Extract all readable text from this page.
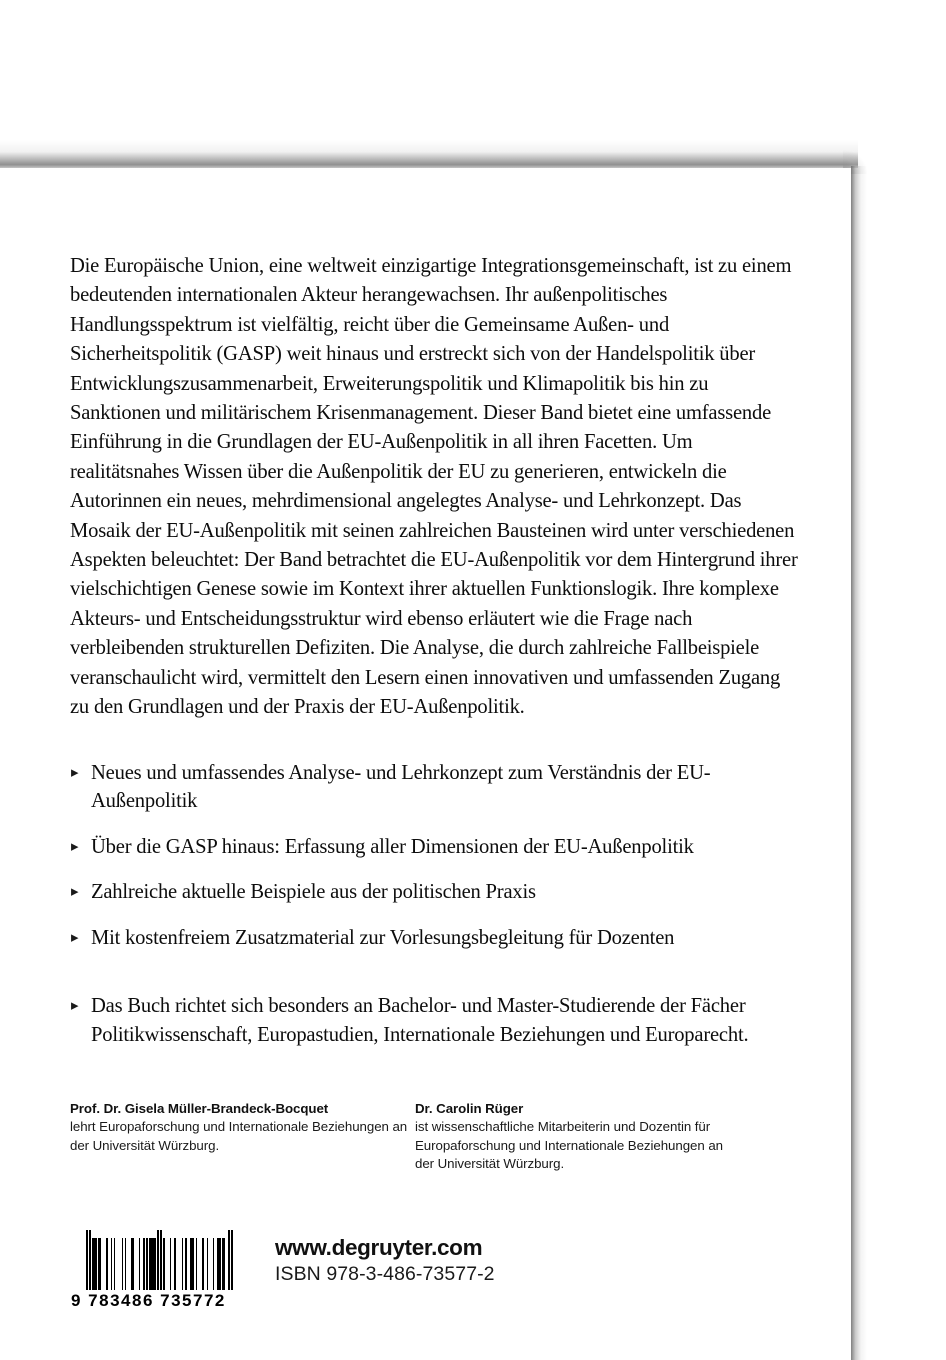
Die Europäische Union, eine weltweit einzigartige Integrationsgemeinschaft, ist zu einem bedeutenden internationalen Akteur herangewachsen. Ihr außenpolitisches Handlungsspektrum ist vielfältig, reicht über die Gemeinsame Außen- und Sicherheitspolitik (GASP) weit hinaus und erstreckt sich von der Handelspolitik über Entwicklungszusammenarbeit, Erweiterungspolitik und Klimapolitik bis hin zu Sanktionen und militärischem Krisenmanagement. Dieser Band bietet eine umfassende Einführung in die Grundlagen der EU-Außenpolitik in all ihren Facetten. Um realitätsnahes Wissen über die Außenpolitik der EU zu generieren, entwickeln die Autorinnen ein neues, mehrdimensional angelegtes Analyse- und Lehrkonzept. Das Mosaik der EU-Außenpolitik mit seinen zahlreichen Bausteinen wird unter verschiedenen Aspekten beleuchtet: Der Band betrachtet die EU-Außenpolitik vor dem Hintergrund ihrer vielschichtigen Genese sowie im Kontext ihrer aktuellen Funktionslogik. Ihre komplexe Akteurs- und Entscheidungsstruktur wird ebenso erläutert wie die Frage nach verbleibenden strukturellen Defiziten. Die Analyse, die durch zahlreiche Fallbeispiele veranschaulicht wird, vermittelt den Lesern einen innovativen und umfassenden Zugang zu den Grundlagen und der Praxis der EU-Außenpolitik.

▸ Neues und umfassendes Analyse- und Lehrkonzept zum Verständnis der EU-Außenpolitik
▸ Über die GASP hinaus: Erfassung aller Dimensionen der EU-Außenpolitik
▸ Zahlreiche aktuelle Beispiele aus der politischen Praxis
▸ Mit kostenfreiem Zusatzmaterial zur Vorlesungsbegleitung für Dozenten
▸ Das Buch richtet sich besonders an Bachelor- und Master-Studierende der Fächer Politikwissenschaft, Europastudien, Internationale Beziehungen und Europarecht.
Prof. Dr. Gisela Müller-Brandeck-Bocquet
lehrt Europaforschung und Internationale Beziehungen an der Universität Würzburg.
Dr. Carolin Rüger
ist wissenschaftliche Mitarbeiterin und Dozentin für Europaforschung und Internationale Beziehungen an der Universität Würzburg.
9 783486 735772
www.degruyter.com
ISBN 978-3-486-73577-2
